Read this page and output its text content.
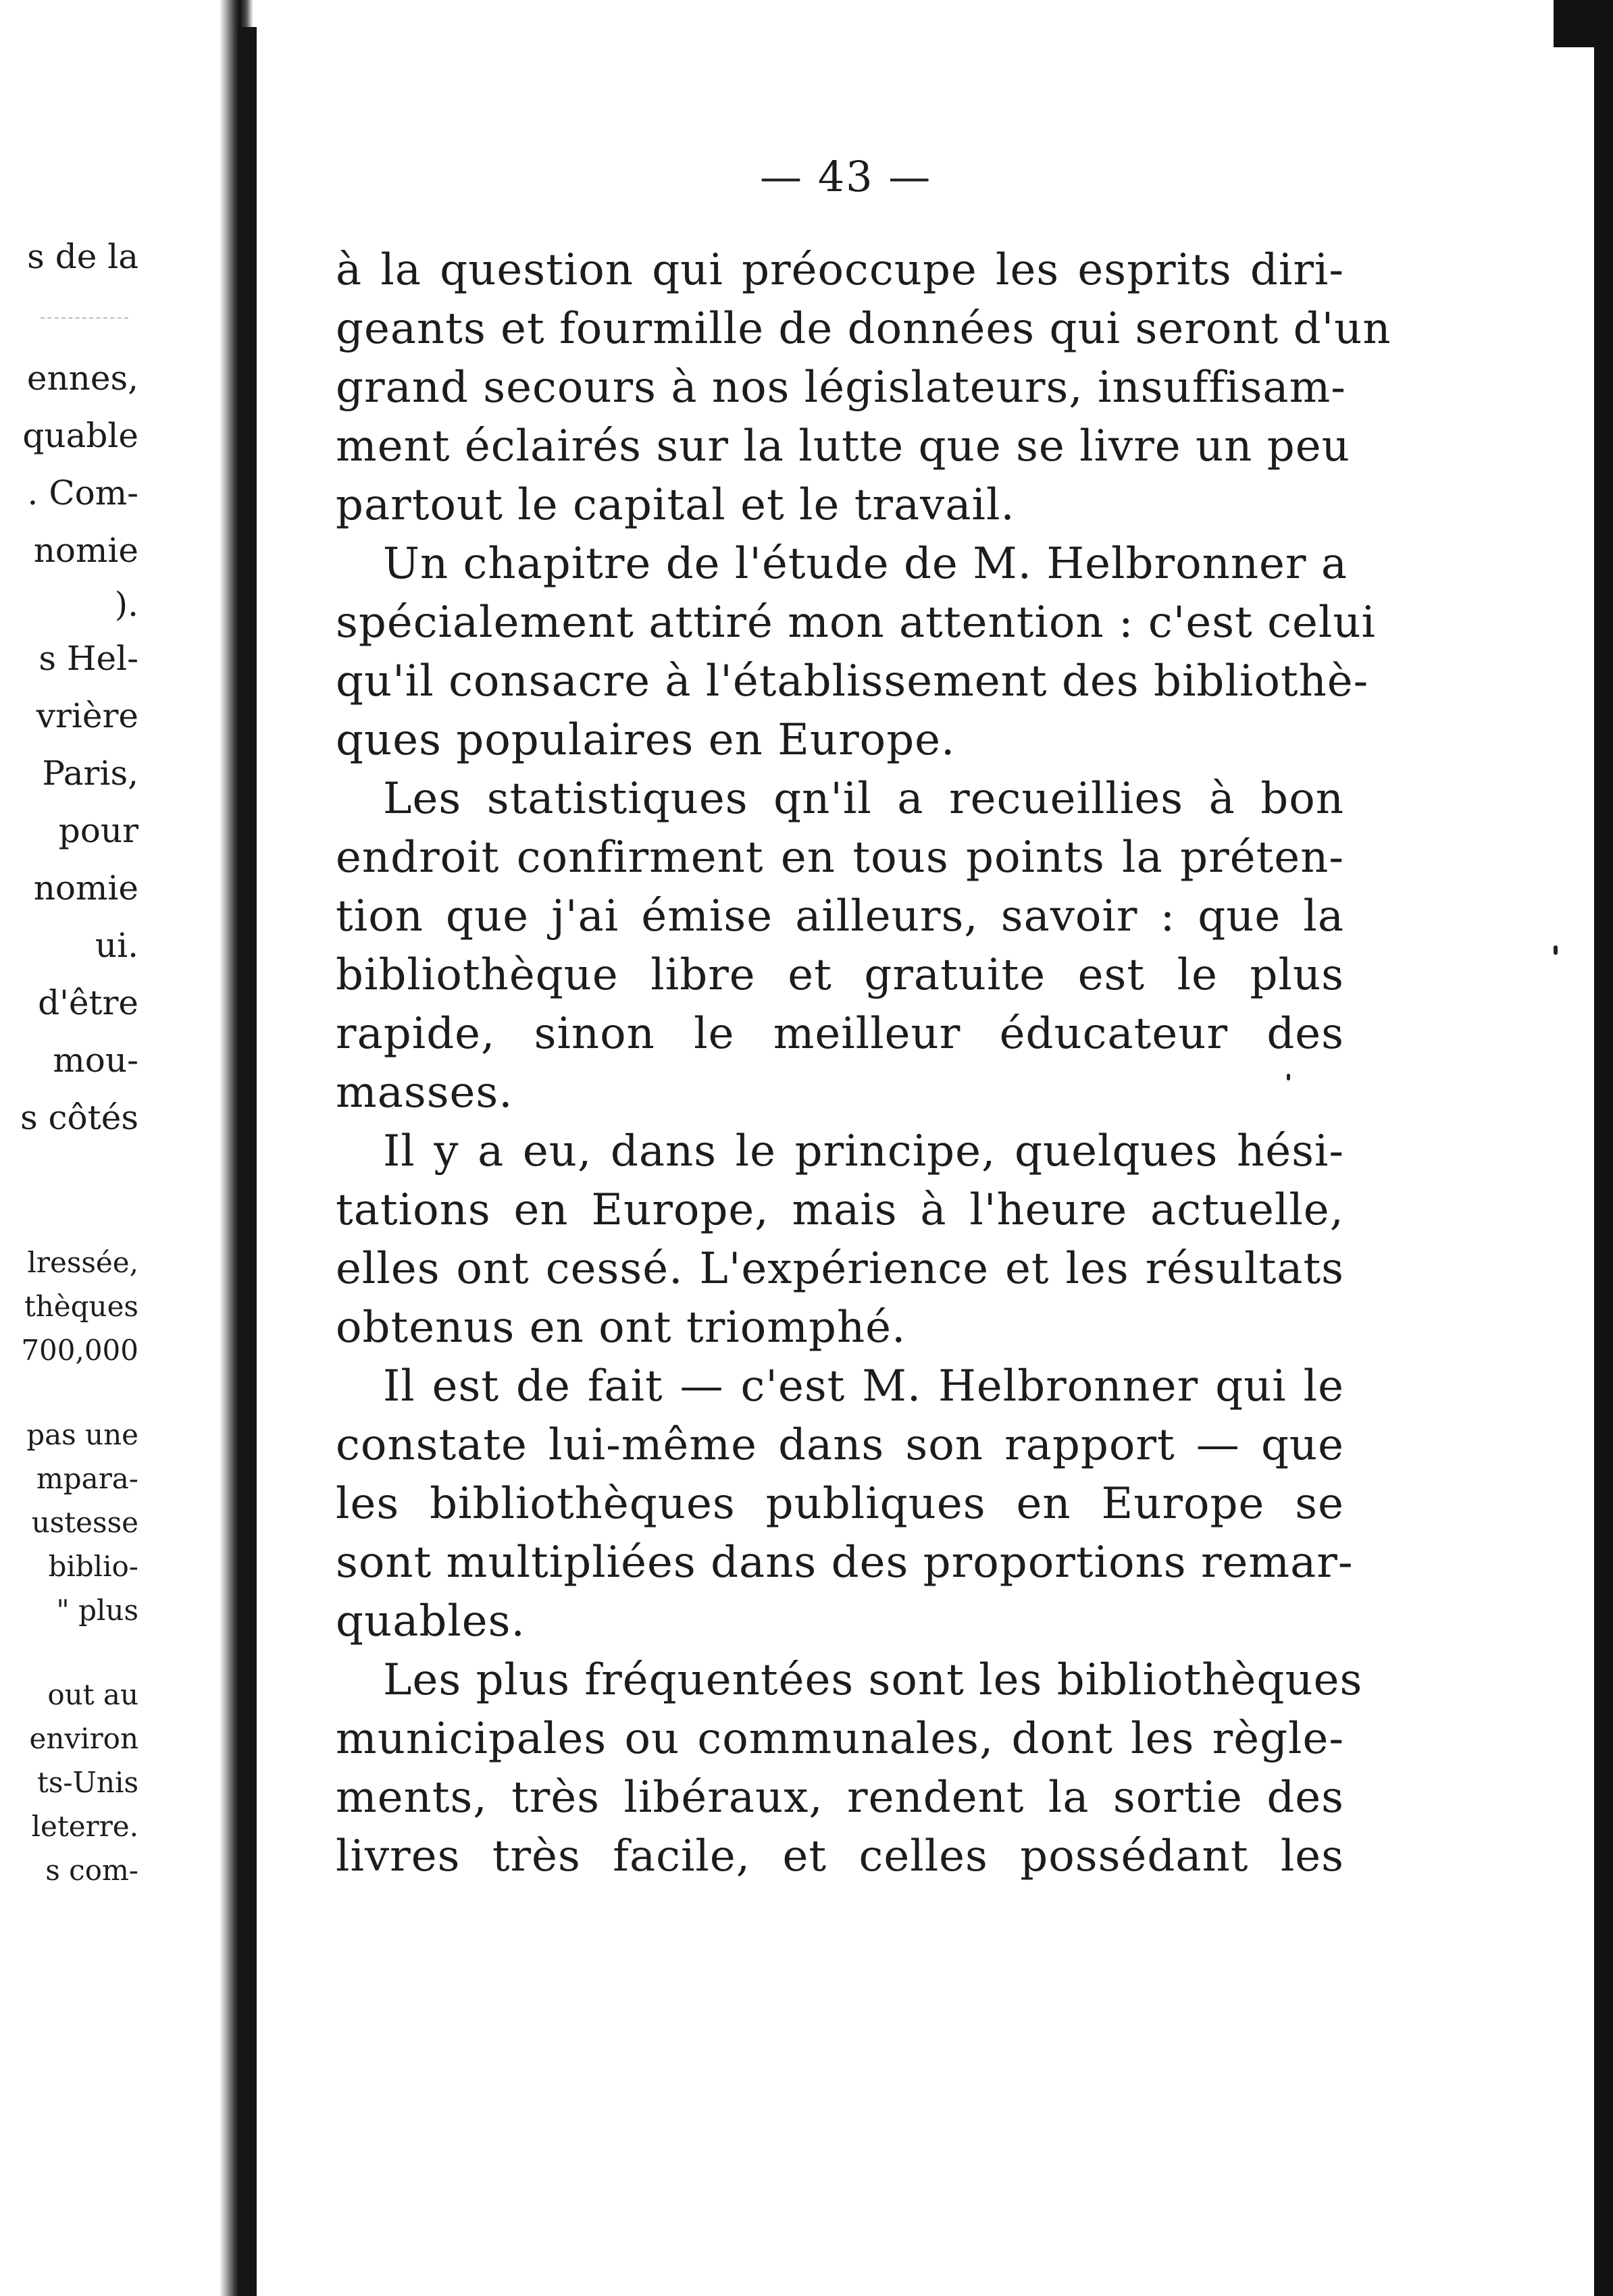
s de la
ennes,
quable
. Com-
nomie
).
s Hel-
vrière
Paris,
pour
nomie
ui.
d'être
mou-
s côtés
lressée,
thèques
700,000
pas une
mpara-
ustesse
biblio-
" plus
out au
environ
ts-Unis
leterre.
s com-
— 43 —
à la question qui préoccupe les esprits diri-
geants et fourmille de données qui seront d'un
grand secours à nos législateurs, insuffisam-
ment éclairés sur la lutte que se livre un peu
partout le capital et le travail.
Un chapitre de l'étude de M. Helbronner a
spécialement attiré mon attention : c'est celui
qu'il consacre à l'établissement des bibliothè-
ques populaires en Europe.
Les statistiques qn'il a recueillies à bon
endroit confirment en tous points la préten-
tion que j'ai émise ailleurs, savoir : que la
bibliothèque libre et gratuite est le plus
rapide, sinon le meilleur éducateur des
masses.
Il y a eu, dans le principe, quelques hési-
tations en Europe, mais à l'heure actuelle,
elles ont cessé. L'expérience et les résultats
obtenus en ont triomphé.
Il est de fait — c'est M. Helbronner qui le
constate lui-même dans son rapport — que
les bibliothèques publiques en Europe se
sont multipliées dans des proportions remar-
quables.
Les plus fréquentées sont les bibliothèques
municipales ou communales, dont les règle-
ments, très libéraux, rendent la sortie des
livres très facile, et celles possédant les
